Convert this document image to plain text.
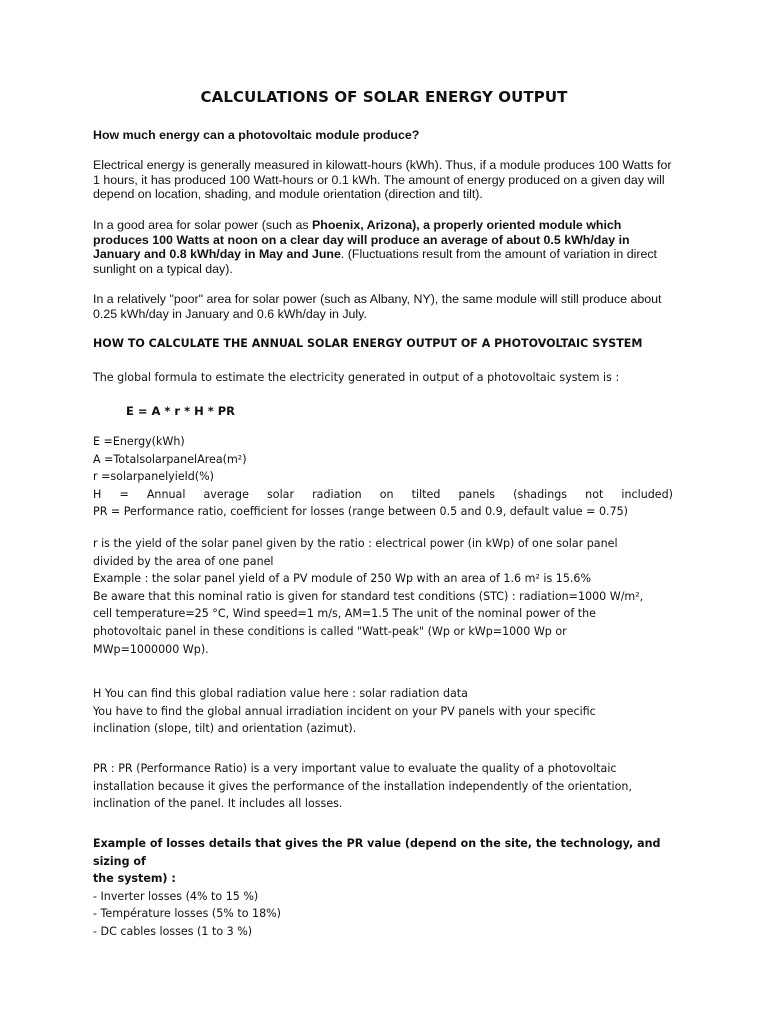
CALCULATIONS OF SOLAR ENERGY OUTPUT

How much energy can a photovoltaic module produce?

Electrical energy is generally measured in kilowatt-hours (kWh). Thus, if a module produces 100 Watts for 1 hours, it has produced 100 Watt-hours or 0.1 kWh. The amount of energy produced on a given day will depend on location, shading, and module orientation (direction and tilt).

In a good area for solar power (such as Phoenix, Arizona), a properly oriented module which produces 100 Watts at noon on a clear day will produce an average of about 0.5 kWh/day in January and 0.8 kWh/day in May and June. (Fluctuations result from the amount of variation in direct sunlight on a typical day).

In a relatively "poor" area for solar power (such as Albany, NY), the same module will still produce about 0.25 kWh/day in January and 0.6 kWh/day in July.

HOW TO CALCULATE THE ANNUAL SOLAR ENERGY OUTPUT OF A PHOTOVOLTAIC SYSTEM
The global formula to estimate the electricity generated in output of a photovoltaic system is :
E = A * r * H * PR
E =Energy(kWh)
A =TotalsolarpanelArea(m²)
r =solarpanelyield(%)
H = Annual average solar radiation on tilted panels (shadings not included)
PR = Performance ratio, coefficient for losses (range between 0.5 and 0.9, default value = 0.75)
r is the yield of the solar panel given by the ratio : electrical power (in kWp) of one solar panel
divided by the area of one panel
Example : the solar panel yield of a PV module of 250 Wp with an area of 1.6 m² is 15.6%
Be aware that this nominal ratio is given for standard test conditions (STC) : radiation=1000 W/m²,
cell temperature=25 °C, Wind speed=1 m/s, AM=1.5 The unit of the nominal power of the
photovoltaic panel in these conditions is called "Watt-peak" (Wp or kWp=1000 Wp or
MWp=1000000 Wp).
H You can find this global radiation value here : solar radiation data
You have to find the global annual irradiation incident on your PV panels with your specific
inclination (slope, tilt) and orientation (azimut).
PR : PR (Performance Ratio) is a very important value to evaluate the quality of a photovoltaic
installation because it gives the performance of the installation independently of the orientation,
inclination of the panel. It includes all losses.
Example of losses details that gives the PR value (depend on the site, the technology, and sizing of
the system) :
- Inverter losses (4% to 15 %)
- Température losses (5% to 18%)
- DC cables losses (1 to 3 %)
